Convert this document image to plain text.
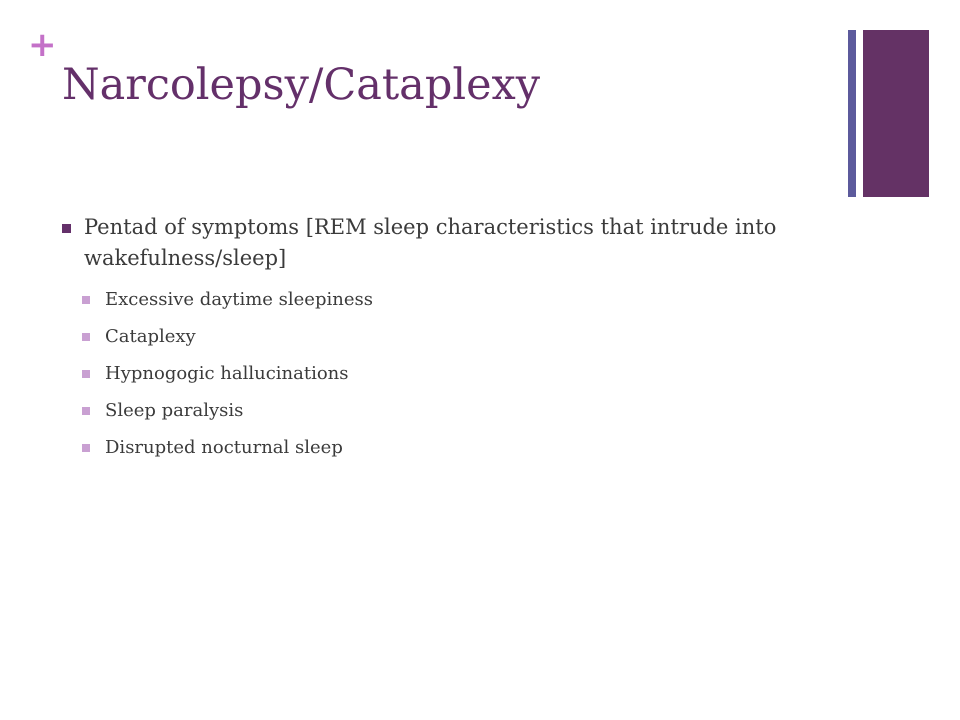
+
Narcolepsy/Cataplexy
Pentad of symptoms [REM sleep characteristics that intrude into wakefulness/sleep]
Excessive daytime sleepiness
Cataplexy
Hypnogogic hallucinations
Sleep paralysis
Disrupted nocturnal sleep
